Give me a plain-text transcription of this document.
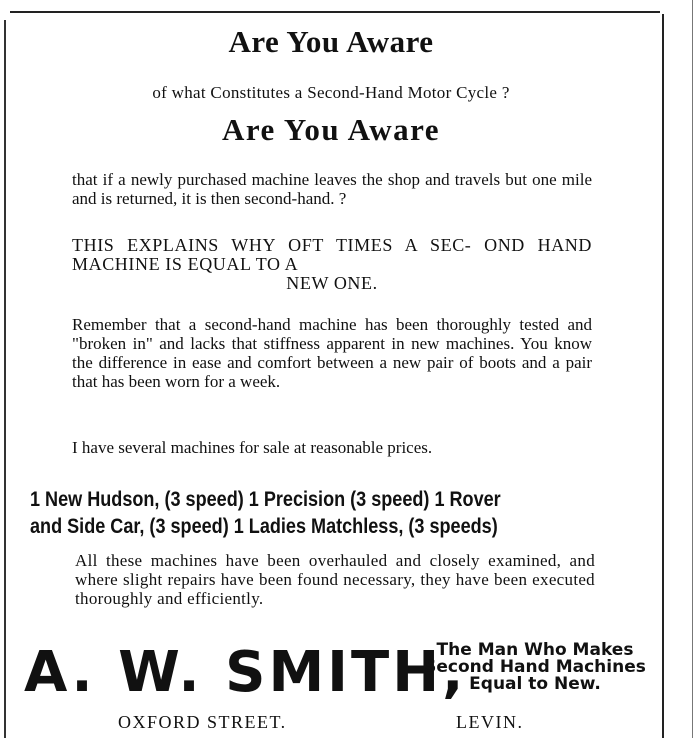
Are You Aware
of what Constitutes a Second-Hand Motor Cycle ?
Are You Aware
that if a newly purchased machine leaves the shop and travels but one mile and is returned, it is then second-hand. ?
THIS EXPLAINS WHY OFT TIMES A SEC- OND HAND MACHINE IS EQUAL TO A
NEW ONE.
Remember that a second-hand machine has been thoroughly tested and "broken in" and lacks that stiffness apparent in new machines. You know the difference in ease and comfort between a new pair of boots and a pair that has been worn for a week.
I have several machines for sale at reasonable prices.
1 New Hudson, (3 speed) 1 Precision (3 speed) 1 Rover
and Side Car, (3 speed) 1 Ladies Matchless, (3 speeds)
All these machines have been overhauled and closely examined, and where slight repairs have been found necessary, they have been executed thoroughly and efficiently.
A. W. SMITH,
The Man Who Makes
Second Hand Machines
Equal to New.
OXFORD STREET.	LEVIN.
